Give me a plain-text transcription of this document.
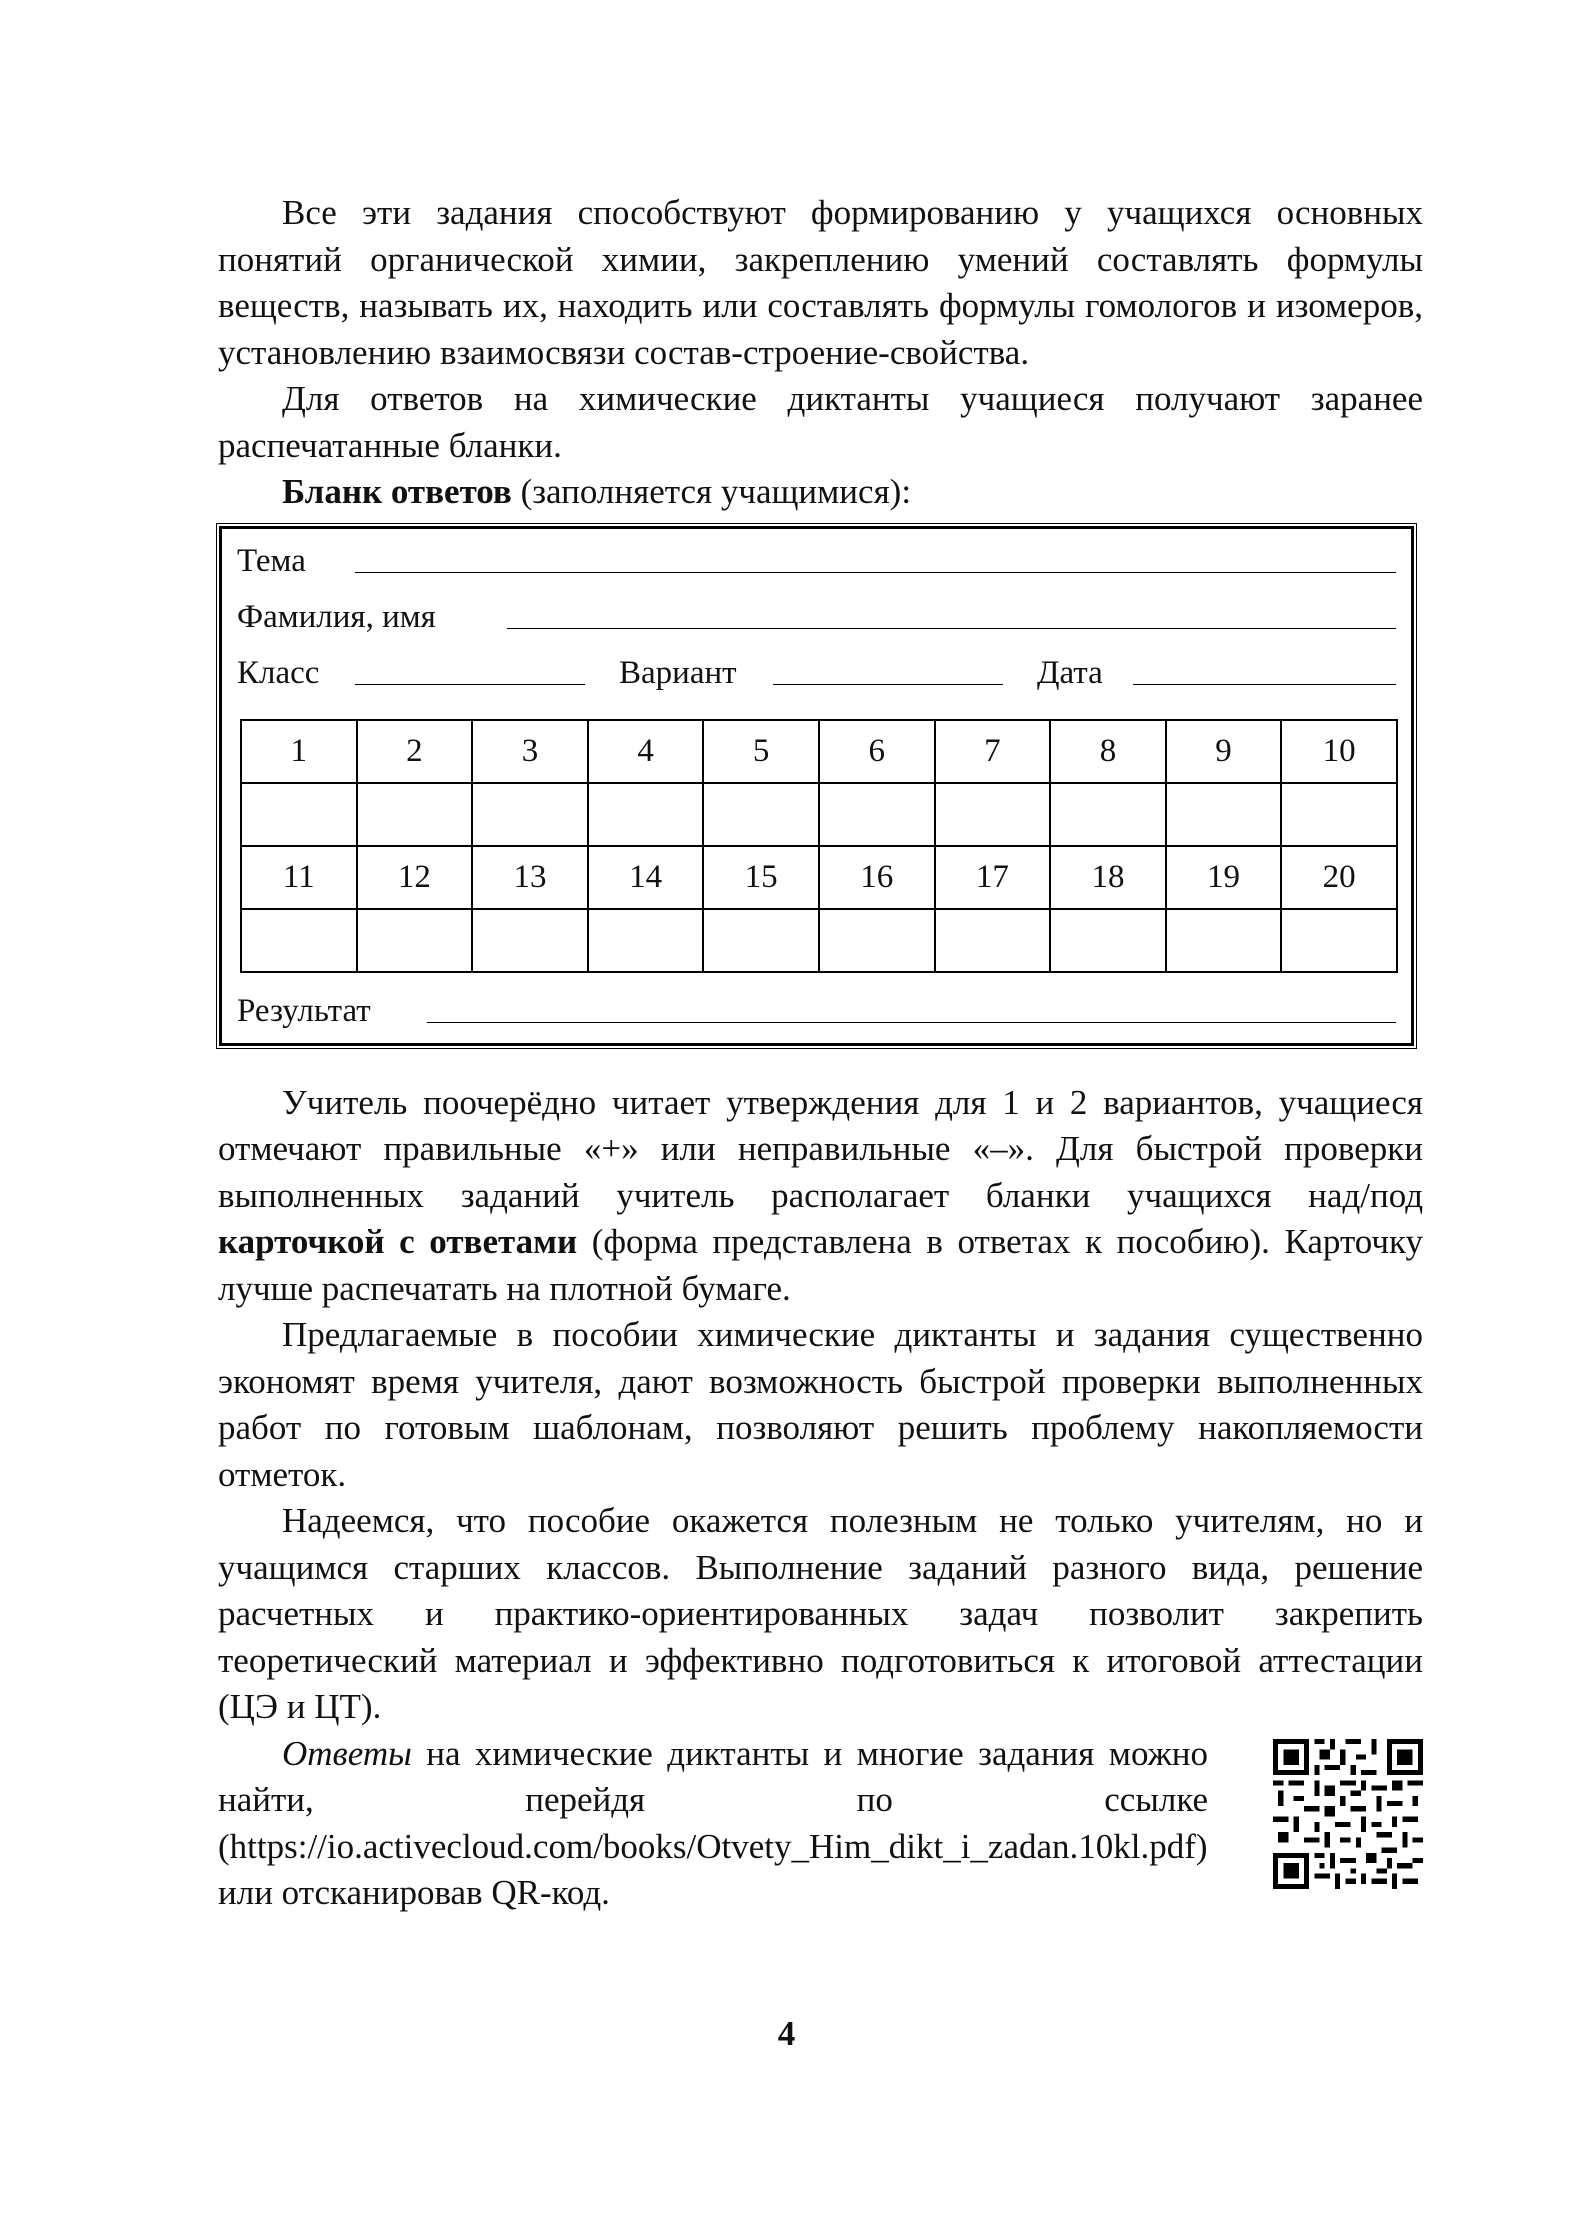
Все эти задания способствуют формированию у учащихся основных понятий органической химии, закреплению умений составлять формулы веществ, называть их, находить или составлять формулы гомологов и изомеров, установлению взаимосвязи состав-строение-свойства.

Для ответов на химические диктанты учащиеся получают заранее распечатанные бланки.

Бланк ответов (заполняется учащимися):

Тема
Фамилия, имя
Класс	Вариант	Дата
1	2	3	4	5	6	7	8	9	10

11	12	13	14	15	16	17	18	19	20

Результат

Учитель поочерёдно читает утверждения для 1 и 2 вариантов, учащиеся отмечают правильные «+» или неправильные «–». Для быстрой проверки выполненных заданий учитель располагает бланки учащихся над/под карточкой с ответами (форма представлена в ответах к пособию). Карточку лучше распечатать на плотной бумаге.

Предлагаемые в пособии химические диктанты и задания существенно экономят время учителя, дают возможность быстрой проверки выполненных работ по готовым шаблонам, позволяют решить проблему накопляемости отметок.

Надеемся, что пособие окажется полезным не только учителям, но и учащимся старших классов. Выполнение заданий разного вида, решение расчетных и практико-ориентированных задач позволит закрепить теоретический материал и эффективно подготовиться к итоговой аттестации (ЦЭ и ЦТ).

Ответы на химические диктанты и многие задания можно найти, перейдя по ссылке (https://io.activecloud.com/books/Otvety_Him_dikt_i_zadan.10kl.pdf) или отсканировав QR-код.

4
